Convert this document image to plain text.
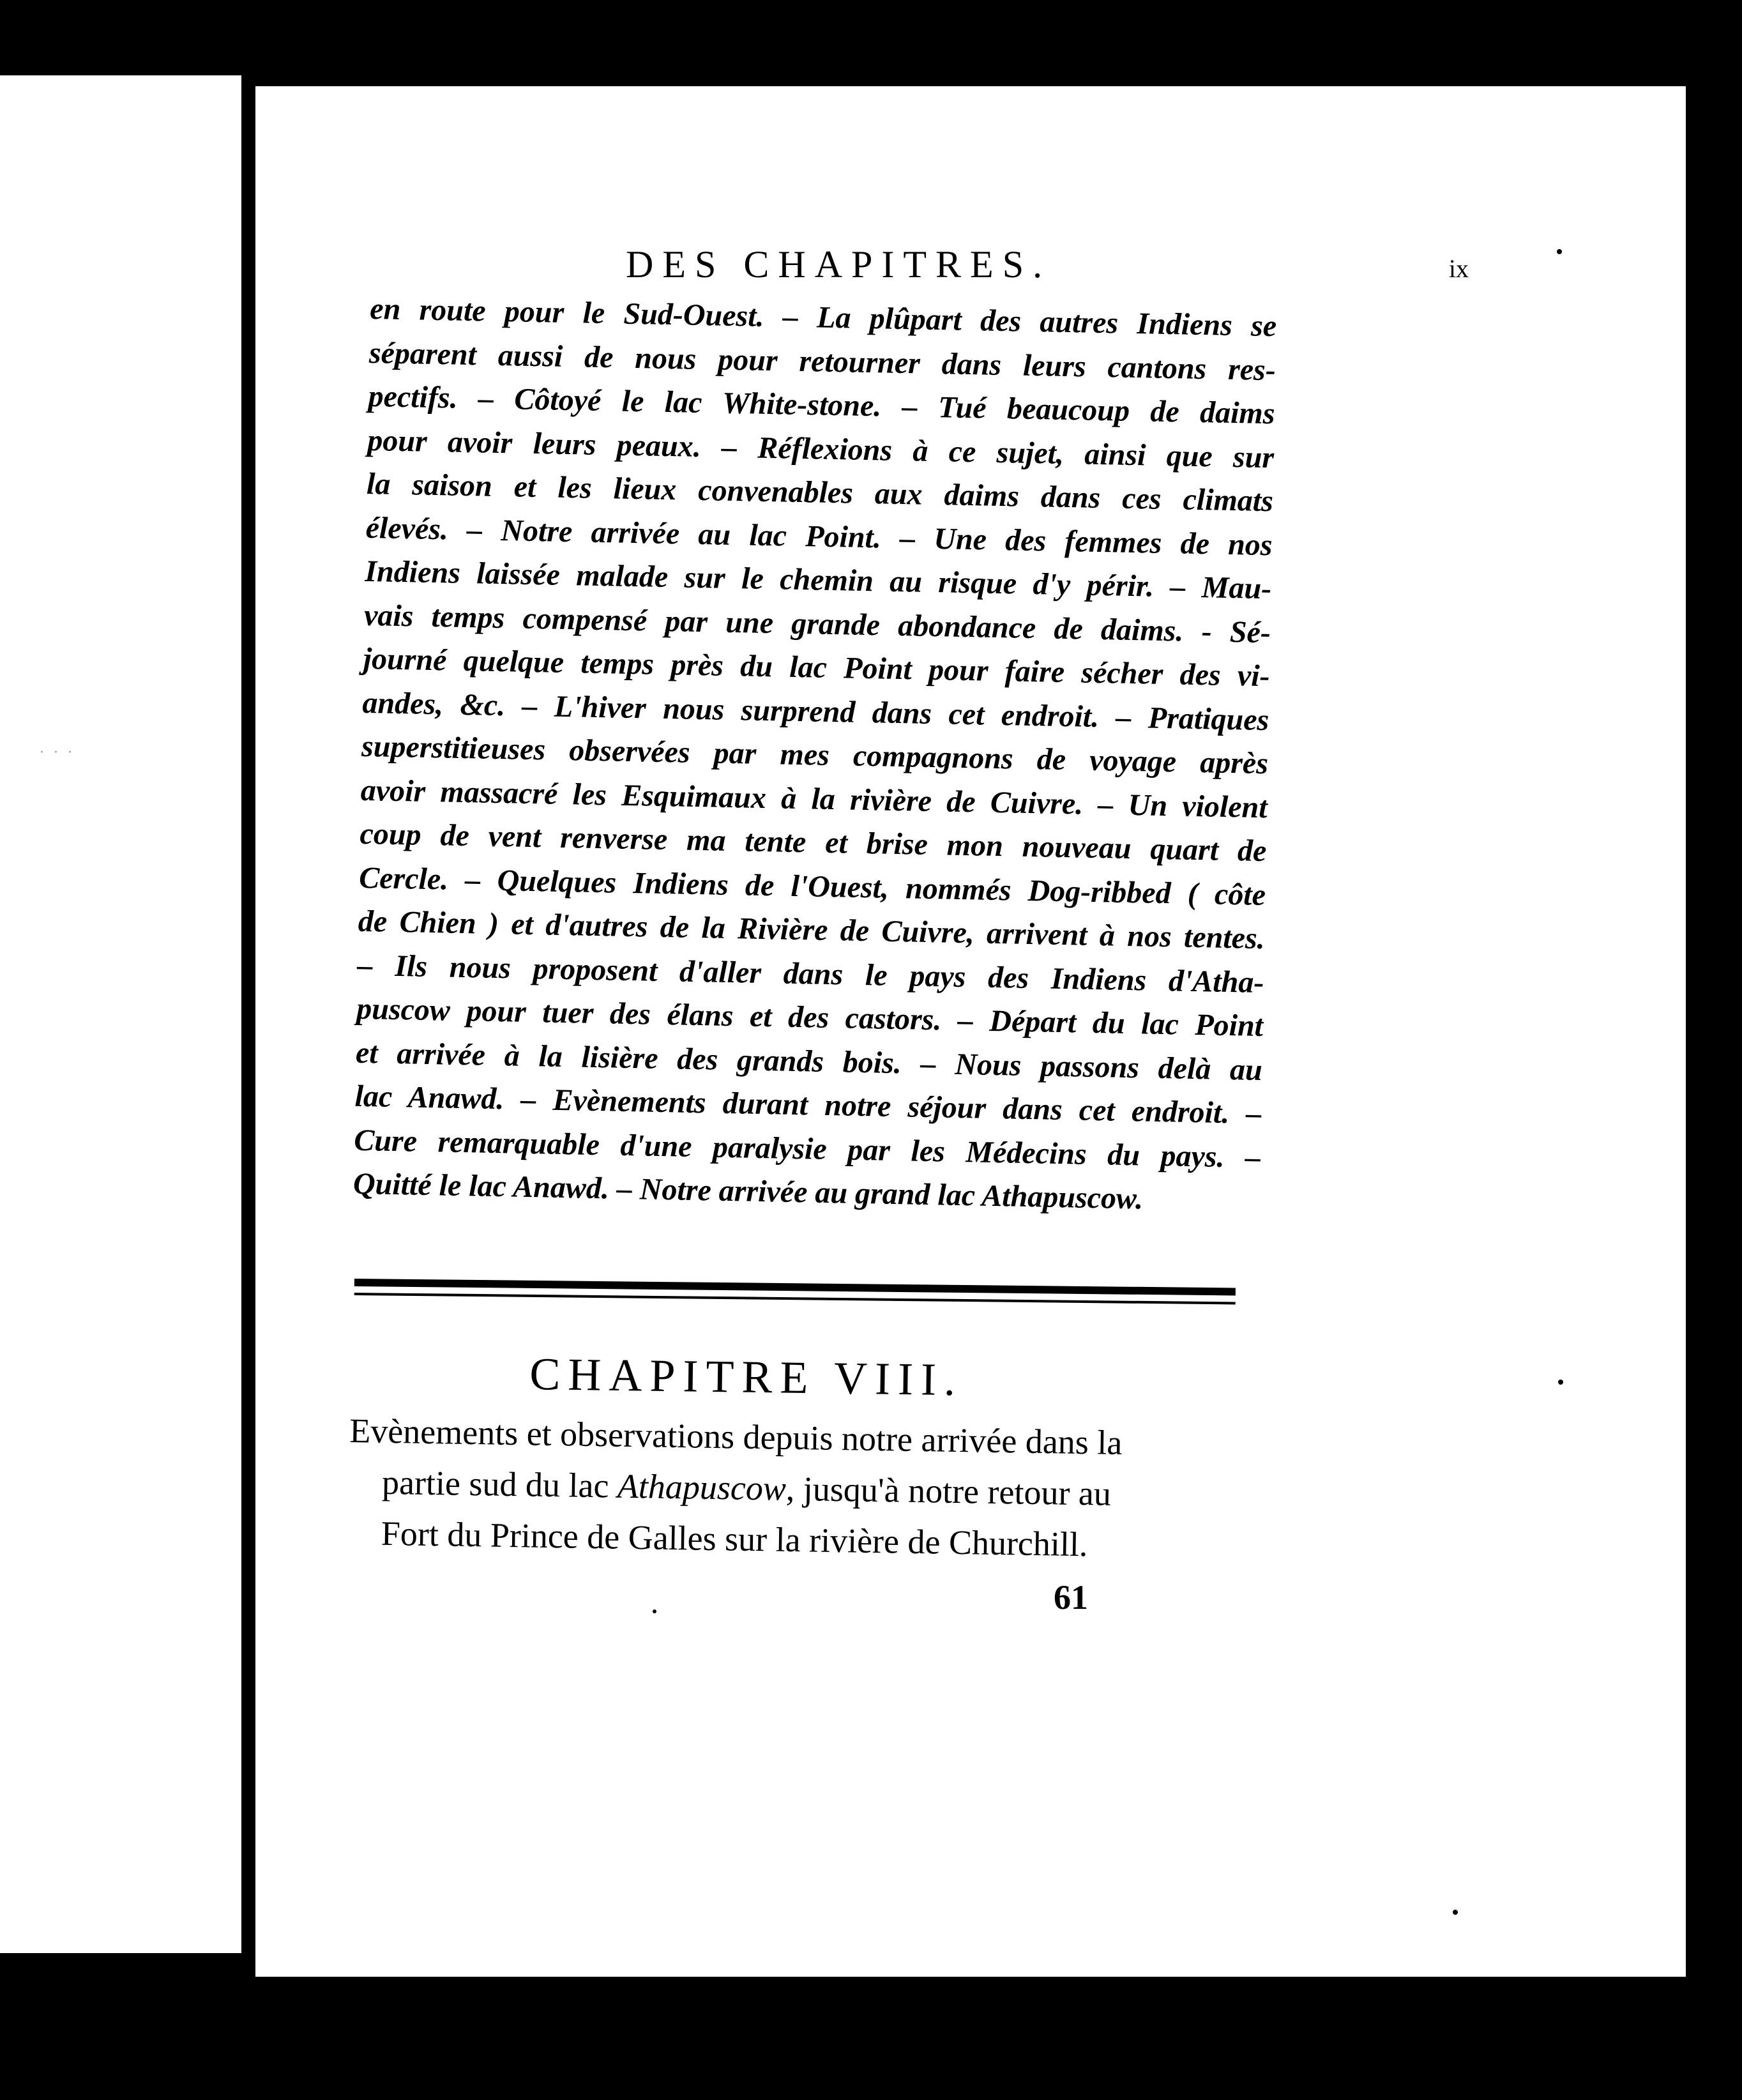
· · ·
DES CHAPITRES.	ix
en route pour le Sud-Ouest. – La plûpart des autres Indiens se
séparent aussi de nous pour retourner dans leurs cantons res-
pectifs. – Côtoyé le lac White-stone. – Tué beaucoup de daims
pour avoir leurs peaux. – Réflexions à ce sujet, ainsi que sur
la saison et les lieux convenables aux daims dans ces climats
élevés. – Notre arrivée au lac Point. – Une des femmes de nos
Indiens laissée malade sur le chemin au risque d'y périr. – Mau-
vais temps compensé par une grande abondance de daims. - Sé-
journé quelque temps près du lac Point pour faire sécher des vi-
andes, &c. – L'hiver nous surprend dans cet endroit. – Pratiques
superstitieuses observées par mes compagnons de voyage après
avoir massacré les Esquimaux à la rivière de Cuivre. – Un violent
coup de vent renverse ma tente et brise mon nouveau quart de
Cercle. – Quelques Indiens de l'Ouest, nommés Dog-ribbed ( côte
de Chien ) et d'autres de la Rivière de Cuivre, arrivent à nos tentes.
– Ils nous proposent d'aller dans le pays des Indiens d'Atha-
puscow pour tuer des élans et des castors. – Départ du lac Point
et arrivée à la lisière des grands bois. – Nous passons delà au
lac Anawd. – Evènements durant notre séjour dans cet endroit. –
Cure remarquable d'une paralysie par les Médecins du pays. –
Quitté le lac Anawd. – Notre arrivée au grand lac Athapuscow.
CHAPITRE VIII.
Evènements et observations depuis notre arrivée dans la
partie sud du lac Athapuscow, jusqu'à notre retour au
Fort du Prince de Galles sur la rivière de Churchill.
61
